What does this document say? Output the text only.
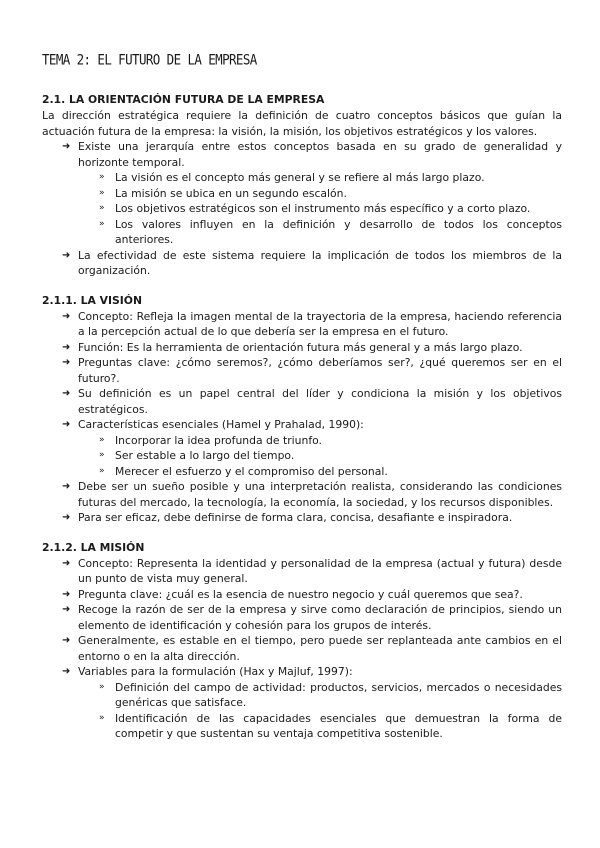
TEMA 2: EL FUTURO DE LA EMPRESA
2.1. LA ORIENTACIÓN FUTURA DE LA EMPRESA

La dirección estratégica requiere la definición de cuatro conceptos básicos que guían la actuación futura de la empresa: la visión, la misión, los objetivos estratégicos y los valores.

➜ Existe una jerarquía entre estos conceptos basada en su grado de generalidad y horizonte temporal.
» La visión es el concepto más general y se refiere al más largo plazo.
» La misión se ubica en un segundo escalón.
» Los objetivos estratégicos son el instrumento más específico y a corto plazo.
» Los valores influyen en la definición y desarrollo de todos los conceptos anteriores.
➜ La efectividad de este sistema requiere la implicación de todos los miembros de la organización.
2.1.1. LA VISIÓN
➜ Concepto: Refleja la imagen mental de la trayectoria de la empresa, haciendo referencia a la percepción actual de lo que debería ser la empresa en el futuro.
➜ Función: Es la herramienta de orientación futura más general y a más largo plazo.
➜ Preguntas clave: ¿cómo seremos?, ¿cómo deberíamos ser?, ¿qué queremos ser en el futuro?.
➜ Su definición es un papel central del líder y condiciona la misión y los objetivos estratégicos.
➜ Características esenciales (Hamel y Prahalad, 1990):
» Incorporar la idea profunda de triunfo.
» Ser estable a lo largo del tiempo.
» Merecer el esfuerzo y el compromiso del personal.
➜ Debe ser un sueño posible y una interpretación realista, considerando las condiciones futuras del mercado, la tecnología, la economía, la sociedad, y los recursos disponibles.
➜ Para ser eficaz, debe definirse de forma clara, concisa, desafiante e inspiradora.
2.1.2. LA MISIÓN
➜ Concepto: Representa la identidad y personalidad de la empresa (actual y futura) desde un punto de vista muy general.
➜ Pregunta clave: ¿cuál es la esencia de nuestro negocio y cuál queremos que sea?.
➜ Recoge la razón de ser de la empresa y sirve como declaración de principios, siendo un elemento de identificación y cohesión para los grupos de interés.
➜ Generalmente, es estable en el tiempo, pero puede ser replanteada ante cambios en el entorno o en la alta dirección.
➜ Variables para la formulación (Hax y Majluf, 1997):
» Definición del campo de actividad: productos, servicios, mercados o necesidades genéricas que satisface.
» Identificación de las capacidades esenciales que demuestran la forma de competir y que sustentan su ventaja competitiva sostenible.
